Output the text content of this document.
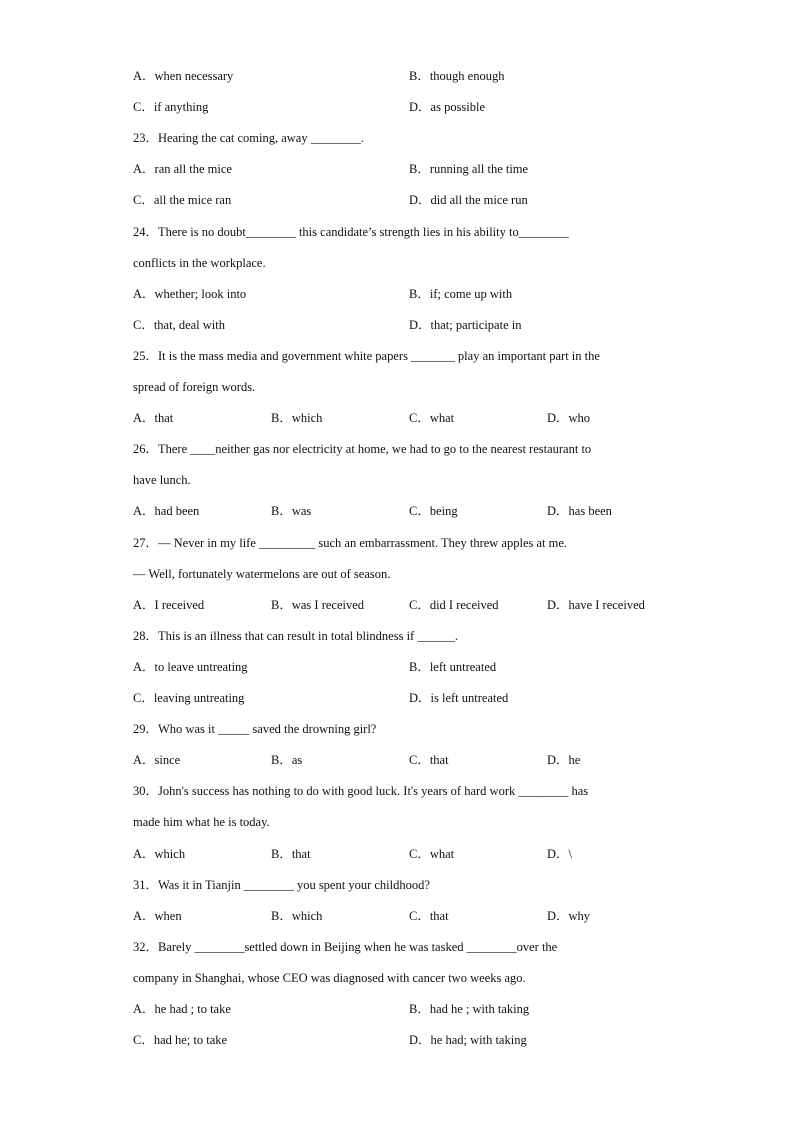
A．when necessary	B．though enough
C．if anything	D．as possible
23．Hearing the cat coming, away ________.
A．ran all the mice	B．running all the time
C．all the mice ran	D．did all the mice run
24．There is no doubt________ this candidate’s strength lies in his ability to________
conflicts in the workplace.
A．whether; look into	B．if; come up with
C．that, deal with	D．that; participate in
25．It is the mass media and government white papers _______ play an important part in the
spread of foreign words.
A．that	B．which	C．what	D．who
26．There ____neither gas nor electricity at home, we had to go to the nearest restaurant to
have lunch.
A．had been	B．was	C．being	D．has been
27．— Never in my life _________ such an embarrassment. They threw apples at me.
— Well, fortunately watermelons are out of season.
A．I received	B．was I received	C．did I received	D．have I received
28．This is an illness that can result in total blindness if ______.
A．to leave untreating	B．left untreated
C．leaving untreating	D．is left untreated
29．Who was it _____ saved the drowning girl?
A．since	B．as	C．that	D．he
30．John's success has nothing to do with good luck. It's years of hard work ________ has
made him what he is today.
A．which	B．that	C．what	D．\
31．Was it in Tianjin ________ you spent your childhood?
A．when	B．which	C．that	D．why
32．Barely ________settled down in Beijing when he was tasked ________over the
company in Shanghai, whose CEO was diagnosed with cancer two weeks ago.
A．he had ; to take	B．had he ; with taking
C．had he; to take	D．he had; with taking
